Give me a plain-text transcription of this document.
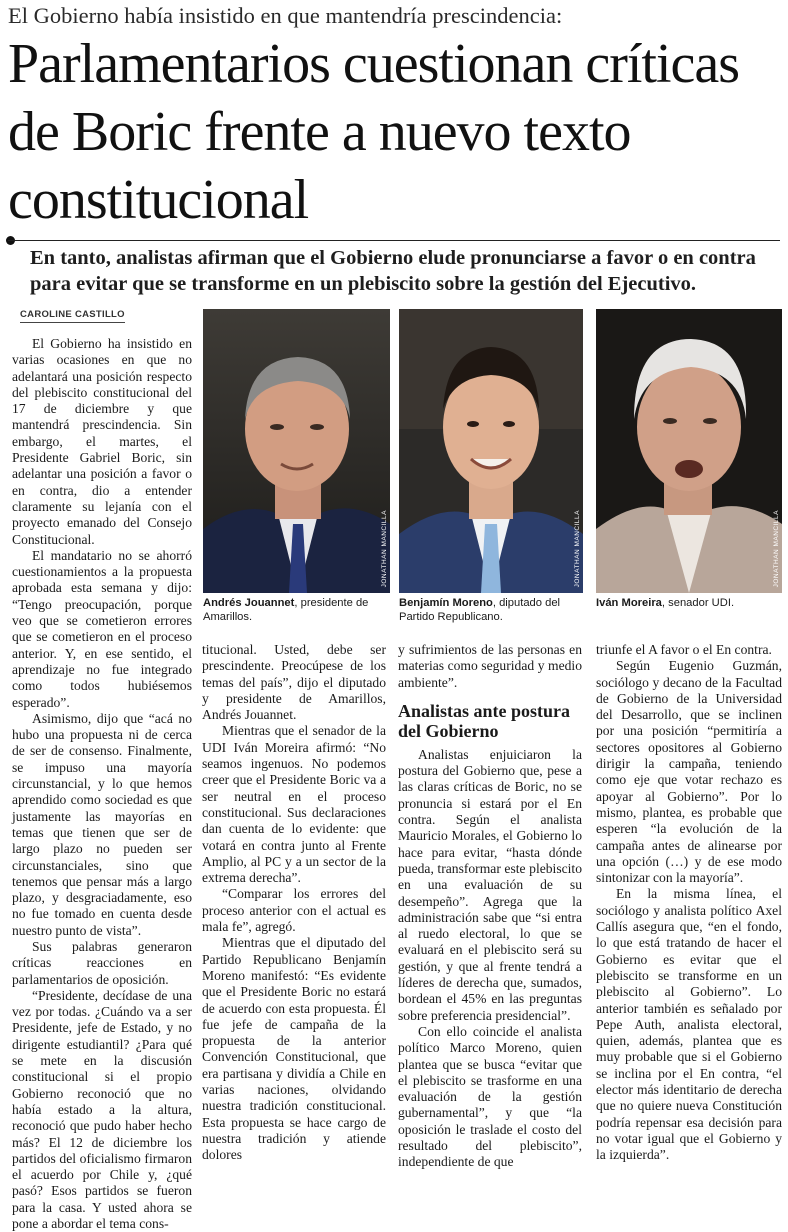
El Gobierno había insistido en que mantendría prescindencia:
Parlamentarios cuestionan críticas de Boric frente a nuevo texto constitucional
En tanto, analistas afirman que el Gobierno elude pronunciarse a favor o en contra para evitar que se transforme en un plebiscito sobre la gestión del Ejecutivo.
CAROLINE CASTILLO

El Gobierno ha insistido en varias ocasiones en que no adelantará una posición respecto del plebiscito constitucional del 17 de diciembre y que mantendrá prescindencia. Sin embargo, el martes, el Presidente Gabriel Boric, sin adelantar una posición a favor o en contra, dio a entender claramente su lejanía con el proyecto emanado del Consejo Constitucional.

El mandatario no se ahorró cuestionamientos a la propuesta aprobada esta semana y dijo: “Tengo preocupación, porque veo que se cometieron errores que se cometieron en el proceso anterior. Y, en ese sentido, el aprendizaje no fue integrado como todos hubiésemos esperado”.

Asimismo, dijo que “acá no hubo una propuesta ni de cerca de ser de consenso. Finalmente, se impuso una mayoría circunstancial, y lo que hemos aprendido como sociedad es que justamente las mayorías en temas que tienen que ser de largo plazo no pueden ser circunstanciales, sino que tenemos que pensar más a largo plazo, y desgraciadamente, eso no fue tomado en cuenta desde nuestro punto de vista”.

Sus palabras generaron críticas reacciones en parlamentarios de oposición.

“Presidente, decídase de una vez por todas. ¿Cuándo va a ser Presidente, jefe de Estado, y no dirigente estudiantil? ¿Para qué se mete en la discusión constitucional si el propio Gobierno reconoció que no había estado a la altura, reconoció que pudo haber hecho más? El 12 de diciembre los partidos del oficialismo firmaron el acuerdo por Chile y, ¿qué pasó? Esos partidos se fueron para la casa. Y usted ahora se pone a abordar el tema cons-

JONATHAN MANCILLA	JONATHAN MANCILLA	JONATHAN MANCILLA
Andrés Jouannet, presidente de Amarillos.
Benjamín Moreno, diputado del Partido Republicano.
Iván Moreira, senador UDI.

titucional. Usted, debe ser prescindente. Preocúpese de los temas del país”, dijo el diputado y presidente de Amarillos, Andrés Jouannet.

Mientras que el senador de la UDI Iván Moreira afirmó: “No seamos ingenuos. No podemos creer que el Presidente Boric va a ser neutral en el proceso constitucional. Sus declaraciones dan cuenta de lo evidente: que votará en contra junto al Frente Amplio, al PC y a un sector de la extrema derecha”.

“Comparar los errores del proceso anterior con el actual es mala fe”, agregó.

Mientras que el diputado del Partido Republicano Benjamín Moreno manifestó: “Es evidente que el Presidente Boric no estará de acuerdo con esta propuesta. Él fue jefe de campaña de la propuesta de la anterior Convención Constitucional, que era partisana y dividía a Chile en varias naciones, olvidando nuestra tradición constitucional. Esta propuesta se hace cargo de nuestra tradición y atiende dolores

y sufrimientos de las personas en materias como seguridad y medio ambiente”.

Analistas ante postura del Gobierno

Analistas enjuiciaron la postura del Gobierno que, pese a las claras críticas de Boric, no se pronuncia si estará por el En contra. Según el analista Mauricio Morales, el Gobierno lo hace para evitar, “hasta dónde pueda, transformar este plebiscito en una evaluación de su desempeño”. Agrega que la administración sabe que “si entra al ruedo electoral, lo que se evaluará en el plebiscito será su gestión, y que al frente tendrá a líderes de derecha que, sumados, bordean el 45% en las preguntas sobre preferencia presidencial”.

Con ello coincide el analista político Marco Moreno, quien plantea que se busca “evitar que el plebiscito se trasforme en una evaluación de la gestión gubernamental”, y que “la oposición le traslade el costo del resultado del plebiscito”, independiente de que

triunfe el A favor o el En contra.

Según Eugenio Guzmán, sociólogo y decano de la Facultad de Gobierno de la Universidad del Desarrollo, que se inclinen por una posición “permitiría a sectores opositores al Gobierno dirigir la campaña, teniendo como eje que votar rechazo es apoyar al Gobierno”. Por lo mismo, plantea, es probable que esperen “la evolución de la campaña antes de alinearse por una opción (…) y de ese modo sintonizar con la mayoría”.

En la misma línea, el sociólogo y analista político Axel Callís asegura que, “en el fondo, lo que está tratando de hacer el Gobierno es evitar que el plebiscito se transforme en un plebiscito al Gobierno”. Lo anterior también es señalado por Pepe Auth, analista electoral, quien, además, plantea que es muy probable que si el Gobierno se inclina por el En contra, “el elector más identitario de derecha que no quiere nueva Constitución podría repensar esa decisión para no votar igual que el Gobierno y la izquierda”.
